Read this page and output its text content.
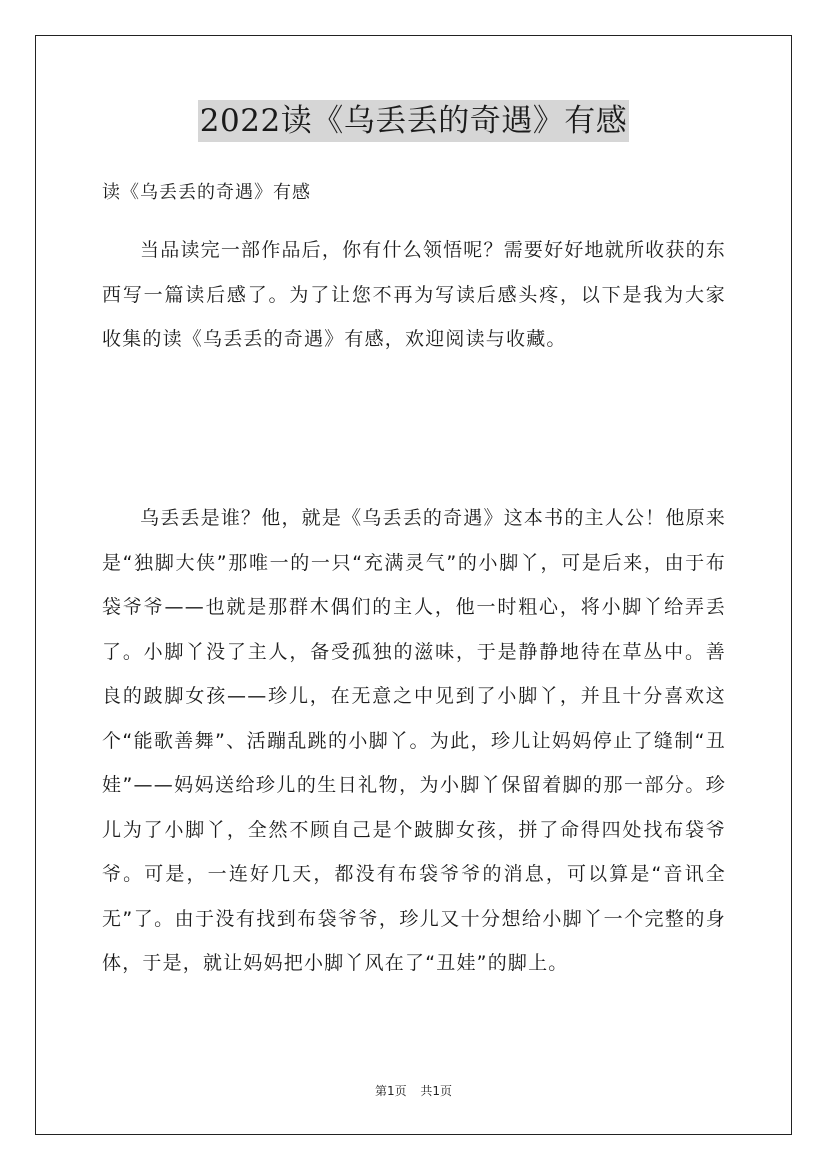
2022读《乌丢丢的奇遇》有感
读《乌丢丢的奇遇》有感

当品读完一部作品后，你有什么领悟呢？需要好好地就所收获的东西写一篇读后感了。为了让您不再为写读后感头疼，以下是我为大家收集的读《乌丢丢的奇遇》有感，欢迎阅读与收藏。

乌丢丢是谁？他，就是《乌丢丢的奇遇》这本书的主人公！他原来是“独脚大侠”那唯一的一只“充满灵气”的小脚丫，可是后来，由于布袋爷爷——也就是那群木偶们的主人，他一时粗心，将小脚丫给弄丢了。小脚丫没了主人，备受孤独的滋味，于是静静地待在草丛中。善良的跛脚女孩——珍儿，在无意之中见到了小脚丫，并且十分喜欢这个“能歌善舞”、活蹦乱跳的小脚丫。为此，珍儿让妈妈停止了缝制“丑娃”——妈妈送给珍儿的生日礼物，为小脚丫保留着脚的那一部分。珍儿为了小脚丫，全然不顾自己是个跛脚女孩，拼了命得四处找布袋爷爷。可是，一连好几天，都没有布袋爷爷的消息，可以算是“音讯全无”了。由于没有找到布袋爷爷，珍儿又十分想给小脚丫一个完整的身体，于是，就让妈妈把小脚丫风在了“丑娃”的脚上。

第1页 共1页
